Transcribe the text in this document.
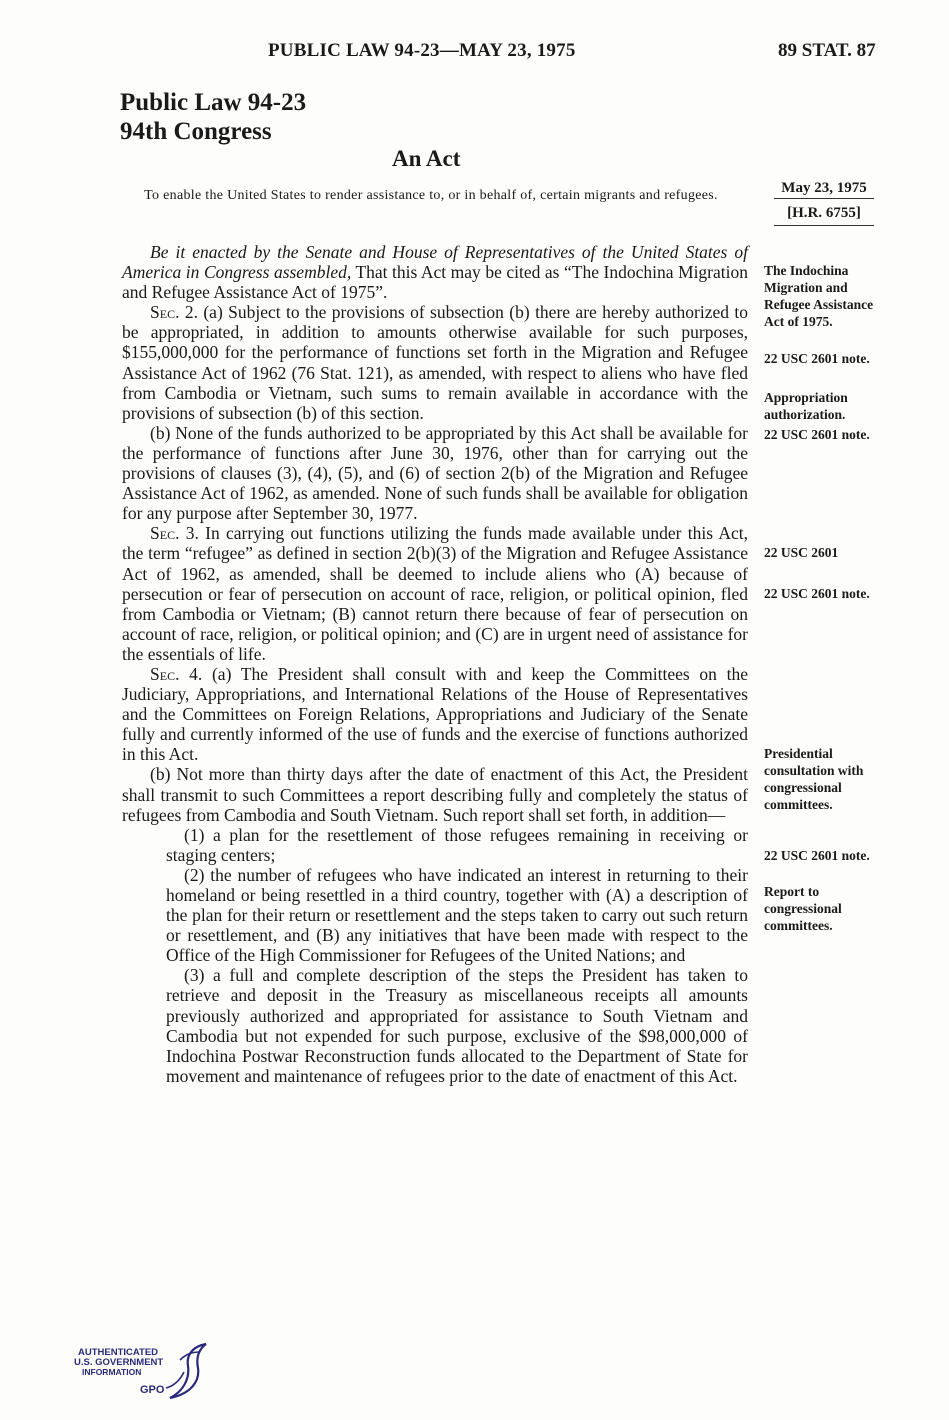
PUBLIC LAW 94-23—MAY 23, 1975	89 STAT. 87
Public Law 94-23
94th Congress
An Act
To enable the United States to render assistance to, or in behalf of, certain migrants and refugees.	May 23, 1975
[H.R. 6755]

Be it enacted by the Senate and House of Representatives of the United States of America in Congress assembled, That this Act may be cited as “The Indochina Migration and Refugee Assistance Act of 1975”.

Sec. 2. (a) Subject to the provisions of subsection (b) there are hereby authorized to be appropriated, in addition to amounts otherwise available for such purposes, $155,000,000 for the performance of functions set forth in the Migration and Refugee Assistance Act of 1962 (76 Stat. 121), as amended, with respect to aliens who have fled from Cambodia or Vietnam, such sums to remain available in accordance with the provisions of subsection (b) of this section.

(b) None of the funds authorized to be appropriated by this Act shall be available for the performance of functions after June 30, 1976, other than for carrying out the provisions of clauses (3), (4), (5), and (6) of section 2(b) of the Migration and Refugee Assistance Act of 1962, as amended. None of such funds shall be available for obligation for any purpose after September 30, 1977.

Sec. 3. In carrying out functions utilizing the funds made available under this Act, the term “refugee” as defined in section 2(b)(3) of the Migration and Refugee Assistance Act of 1962, as amended, shall be deemed to include aliens who (A) because of persecution or fear of persecution on account of race, religion, or political opinion, fled from Cambodia or Vietnam; (B) cannot return there because of fear of persecution on account of race, religion, or political opinion; and (C) are in urgent need of assistance for the essentials of life.

Sec. 4. (a) The President shall consult with and keep the Committees on the Judiciary, Appropriations, and International Relations of the House of Representatives and the Committees on Foreign Relations, Appropriations and Judiciary of the Senate fully and currently informed of the use of funds and the exercise of functions authorized in this Act.

(b) Not more than thirty days after the date of enactment of this Act, the President shall transmit to such Committees a report describing fully and completely the status of refugees from Cambodia and South Vietnam. Such report shall set forth, in addition—

(1) a plan for the resettlement of those refugees remaining in receiving or staging centers;

(2) the number of refugees who have indicated an interest in returning to their homeland or being resettled in a third country, together with (A) a description of the plan for their return or resettlement and the steps taken to carry out such return or resettlement, and (B) any initiatives that have been made with respect to the Office of the High Commissioner for Refugees of the United Nations; and

(3) a full and complete description of the steps the President has taken to retrieve and deposit in the Treasury as miscellaneous receipts all amounts previously authorized and appropriated for assistance to South Vietnam and Cambodia but not expended for such purpose, exclusive of the $98,000,000 of Indochina Postwar Reconstruction funds allocated to the Department of State for movement and maintenance of refugees prior to the date of enactment of this Act.

The Indochina Migration and Refugee Assistance Act of 1975.
22 USC 2601 note.
Appropriation authorization.
22 USC 2601 note.
22 USC 2601
22 USC 2601 note.
Presidential consultation with congressional committees.
22 USC 2601 note.
Report to congressional committees.
AUTHENTICATED
U.S. GOVERNMENT
INFORMATION
GPO
